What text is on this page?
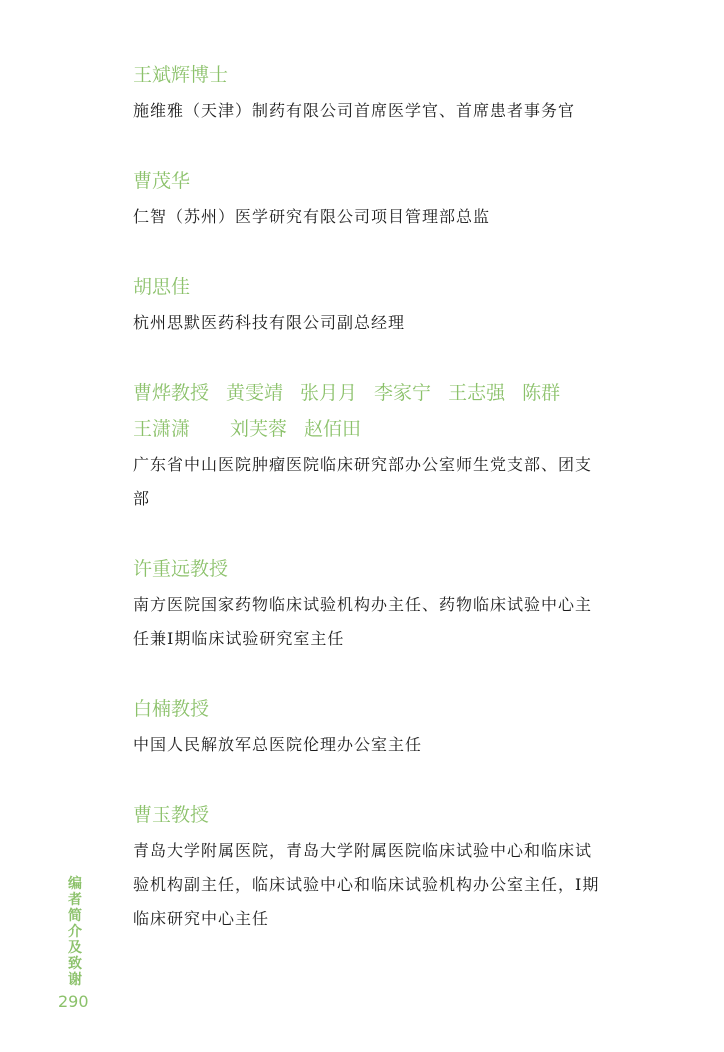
王斌辉博士

施维雅（天津）制药有限公司首席医学官、首席患者事务官

曹茂华

仁智（苏州）医学研究有限公司项目管理部总监

胡思佳

杭州思默医药科技有限公司副总经理

曹烨教授 黄雯靖 张月月 李家宁 王志强 陈群
王潇潇 刘芙蓉 赵佰田

广东省中山医院肿瘤医院临床研究部办公室师生党支部、团支部

许重远教授

南方医院国家药物临床试验机构办主任、药物临床试验中心主任兼Ⅰ期临床试验研究室主任

白楠教授

中国人民解放军总医院伦理办公室主任

曹玉教授

青岛大学附属医院，青岛大学附属医院临床试验中心和临床试验机构副主任，临床试验中心和临床试验机构办公室主任，I期临床研究中心主任

编者简介及致谢
290
